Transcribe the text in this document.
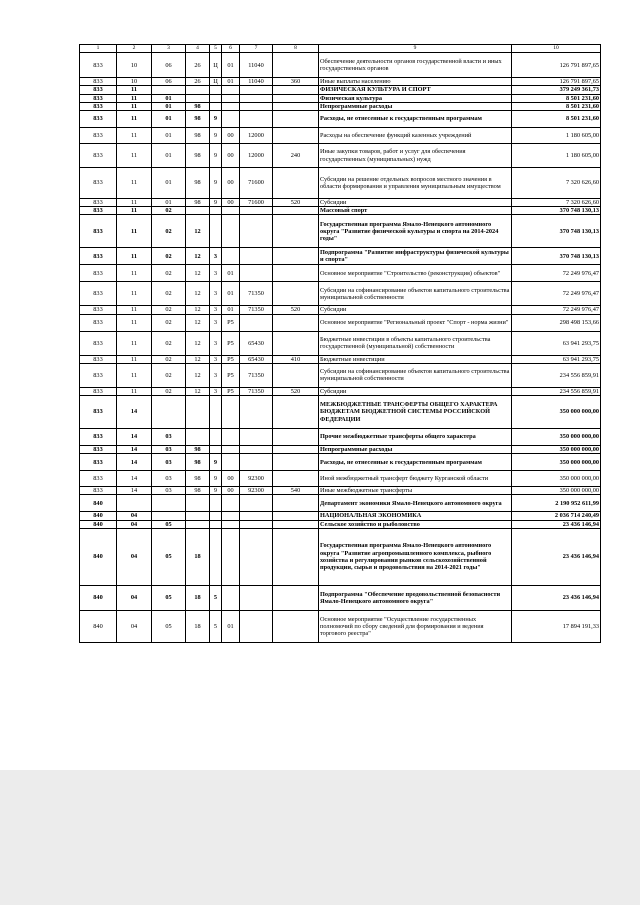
1	2	3	4	5	6	7	8	9	10
833	10	06	26	Ц	01	11040		Обеспечение деятельности органов государственной власти и иных государственных органов	126 791 897,65
833	10	06	26	Ц	01	11040	360	Иные выплаты населению	126 791 897,65
833	11							ФИЗИЧЕСКАЯ КУЛЬТУРА И СПОРТ	379 249 361,73
833	11	01						Физическая культура	8 501 231,60
833	11	01	98					Непрограммные расходы	8 501 231,60
833	11	01	98	9				Расходы, не отнесенные к государственным программам	8 501 231,60
833	11	01	98	9	00	12000		Расходы на обеспечение функций казенных учреждений	1 180 605,00
833	11	01	98	9	00	12000	240	Иные закупки товаров, работ и услуг для обеспечения государственных (муниципальных) нужд	1 180 605,00
833	11	01	98	9	00	71600		Субсидии на решение отдельных вопросов местного значения в области формирования и управления муниципальным имуществом	7 320 626,60
833	11	01	98	9	00	71600	520	Субсидии	7 320 626,60
833	11	02						Массовый спорт	370 748 130,13
833	11	02	12					Государственная программа Ямало-Ненецкого автономного округа "Развитие физической культуры и спорта на 2014-2024 годы"	370 748 130,13
833	11	02	12	3				Подпрограмма "Развитие инфраструктуры физической культуры и спорта"	370 748 130,13
833	11	02	12	3	01			Основное мероприятие "Строительство (реконструкция) объектов"	72 249 976,47
833	11	02	12	3	01	71350		Субсидии на софинансирование объектов капитального строительства муниципальной собственности	72 249 976,47
833	11	02	12	3	01	71350	520	Субсидии	72 249 976,47
833	11	02	12	3	P5			Основное мероприятие "Региональный проект "Спорт - норма жизни"	298 498 153,66
833	11	02	12	3	P5	65430		Бюджетные инвестиции в объекты капитального строительства государственной (муниципальной) собственности	63 941 293,75
833	11	02	12	3	P5	65430	410	Бюджетные инвестиции	63 941 293,75
833	11	02	12	3	P5	71350		Субсидии на софинансирование объектов капитального строительства муниципальной собственности	234 556 859,91
833	11	02	12	3	P5	71350	520	Субсидии	234 556 859,91
833	14							МЕЖБЮДЖЕТНЫЕ ТРАНСФЕРТЫ ОБЩЕГО ХАРАКТЕРА БЮДЖЕТАМ БЮДЖЕТНОЙ СИСТЕМЫ РОССИЙСКОЙ ФЕДЕРАЦИИ	350 000 000,00
833	14	03						Прочие межбюджетные трансферты общего характера	350 000 000,00
833	14	03	98					Непрограммные расходы	350 000 000,00
833	14	03	98	9				Расходы, не отнесенные к государственным программам	350 000 000,00
833	14	03	98	9	00	92300		Иной межбюджетный трансферт бюджету Курганской области	350 000 000,00
833	14	03	98	9	00	92300	540	Иные межбюджетные трансферты	350 000 000,00
840								Департамент экономики Ямало-Ненецкого автономного округа	2 190 952 611,99
840	04							НАЦИОНАЛЬНАЯ ЭКОНОМИКА	2 036 714 240,49
840	04	05						Сельское хозяйство и рыболовство	23 436 146,94
840	04	05	18					Государственная программа Ямало-Ненецкого автономного округа "Развитие агропромышленного комплекса, рыбного хозяйства и регулирования рынков сельскохозяйственной продукции, сырья и продовольствия на 2014-2021 годы"	23 436 146,94
840	04	05	18	5				Подпрограмма "Обеспечение продовольственной безопасности Ямало-Ненецкого автономного округа"	23 436 146,94
840	04	05	18	5	01			Основное мероприятие "Осуществление государственных полномочий по сбору сведений для формирования и ведения торгового реестра"	17 894 191,33
